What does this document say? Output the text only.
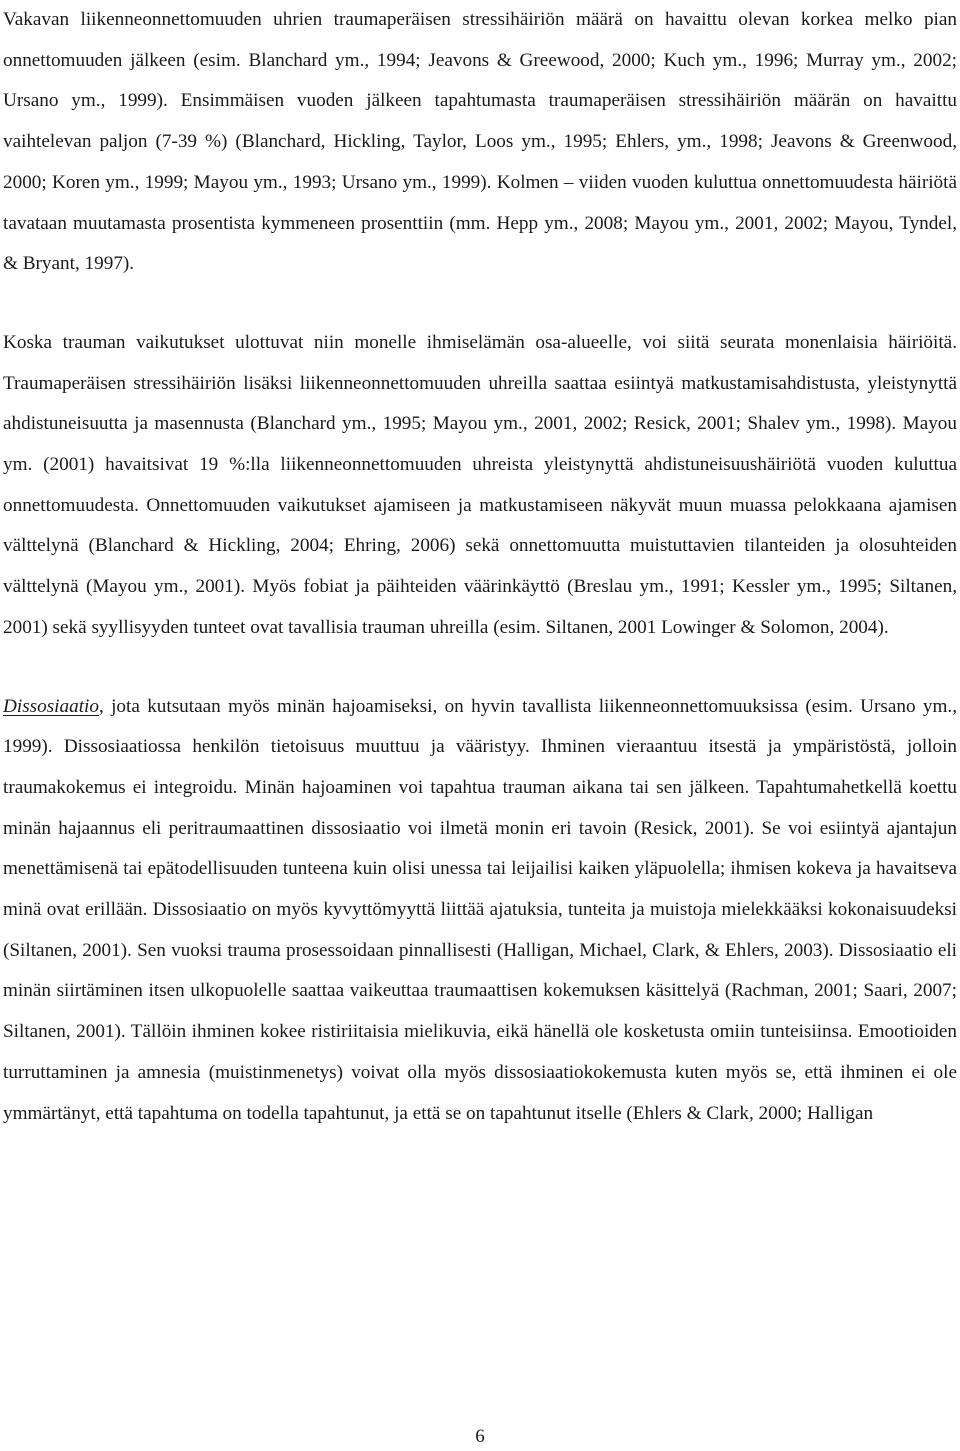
Vakavan liikenneonnettomuuden uhrien traumaperäisen stressihäiriön määrä on havaittu olevan korkea melko pian onnettomuuden jälkeen (esim. Blanchard ym., 1994; Jeavons & Greewood, 2000; Kuch ym., 1996; Murray ym., 2002; Ursano ym., 1999). Ensimmäisen vuoden jälkeen tapahtumasta traumaperäisen stressihäiriön määrän on havaittu vaihtelevan paljon (7-39 %) (Blanchard, Hickling, Taylor, Loos ym., 1995; Ehlers, ym., 1998; Jeavons & Greenwood, 2000; Koren ym., 1999; Mayou ym., 1993; Ursano ym., 1999). Kolmen – viiden vuoden kuluttua onnettomuudesta häiriötä tavataan muutamasta prosentista kymmeneen prosenttiin (mm. Hepp ym., 2008; Mayou ym., 2001, 2002; Mayou, Tyndel, & Bryant, 1997).

Koska trauman vaikutukset ulottuvat niin monelle ihmiselämän osa-alueelle, voi siitä seurata monenlaisia häiriöitä. Traumaperäisen stressihäiriön lisäksi liikenneonnettomuuden uhreilla saattaa esiintyä matkustamisahdistusta, yleistynyttä ahdistuneisuutta ja masennusta (Blanchard ym., 1995; Mayou ym., 2001, 2002; Resick, 2001; Shalev ym., 1998). Mayou ym. (2001) havaitsivat 19 %:lla liikenneonnettomuuden uhreista yleistynyttä ahdistuneisuushäiriötä vuoden kuluttua onnettomuudesta. Onnettomuuden vaikutukset ajamiseen ja matkustamiseen näkyvät muun muassa pelokkaana ajamisen välttelynä (Blanchard & Hickling, 2004; Ehring, 2006) sekä onnettomuutta muistuttavien tilanteiden ja olosuhteiden välttelynä (Mayou ym., 2001). Myös fobiat ja päihteiden väärinkäyttö (Breslau ym., 1991; Kessler ym., 1995; Siltanen, 2001) sekä syyllisyyden tunteet ovat tavallisia trauman uhreilla (esim. Siltanen, 2001 Lowinger & Solomon, 2004).

Dissosiaatio, jota kutsutaan myös minän hajoamiseksi, on hyvin tavallista liikenneonnettomuuksissa (esim. Ursano ym., 1999). Dissosiaatiossa henkilön tietoisuus muuttuu ja vääristyy. Ihminen vieraantuu itsestä ja ympäristöstä, jolloin traumakokemus ei integroidu. Minän hajoaminen voi tapahtua trauman aikana tai sen jälkeen. Tapahtumahetkellä koettu minän hajaannus eli peritraumaattinen dissosiaatio voi ilmetä monin eri tavoin (Resick, 2001). Se voi esiintyä ajantajun menettämisenä tai epätodellisuuden tunteena kuin olisi unessa tai leijailisi kaiken yläpuolella; ihmisen kokeva ja havaitseva minä ovat erillään. Dissosiaatio on myös kyvyttömyyttä liittää ajatuksia, tunteita ja muistoja mielekkääksi kokonaisuudeksi (Siltanen, 2001). Sen vuoksi trauma prosessoidaan pinnallisesti (Halligan, Michael, Clark, & Ehlers, 2003). Dissosiaatio eli minän siirtäminen itsen ulkopuolelle saattaa vaikeuttaa traumaattisen kokemuksen käsittelyä (Rachman, 2001; Saari, 2007; Siltanen, 2001). Tällöin ihminen kokee ristiriitaisia mielikuvia, eikä hänellä ole kosketusta omiin tunteisiinsa. Emootioiden turruttaminen ja amnesia (muistinmenetys) voivat olla myös dissosiaatiokokemusta kuten myös se, että ihminen ei ole ymmärtänyt, että tapahtuma on todella tapahtunut, ja että se on tapahtunut itselle (Ehlers & Clark, 2000; Halligan

6
